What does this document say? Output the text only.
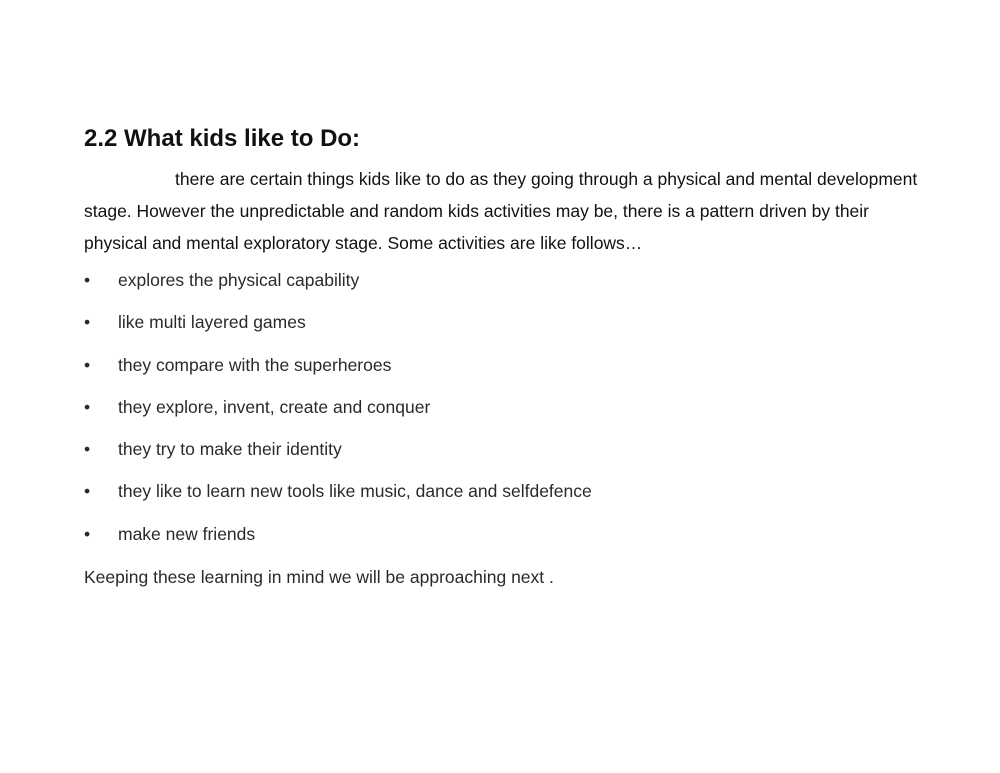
2.2 What kids like to Do:

there are certain things kids like to do as they going through a physical and mental development stage. However the unpredictable and random kids activities may be, there is a pattern driven by their physical and mental exploratory stage. Some activities are like follows…

•	explores the physical capability
•	like multi layered games
•	they compare with the superheroes
•	they explore, invent, create and conquer
•	they try to make their identity
•	they like to learn new tools like music, dance and selfdefence
•	make new friends

Keeping these learning in mind we will be approaching next .
